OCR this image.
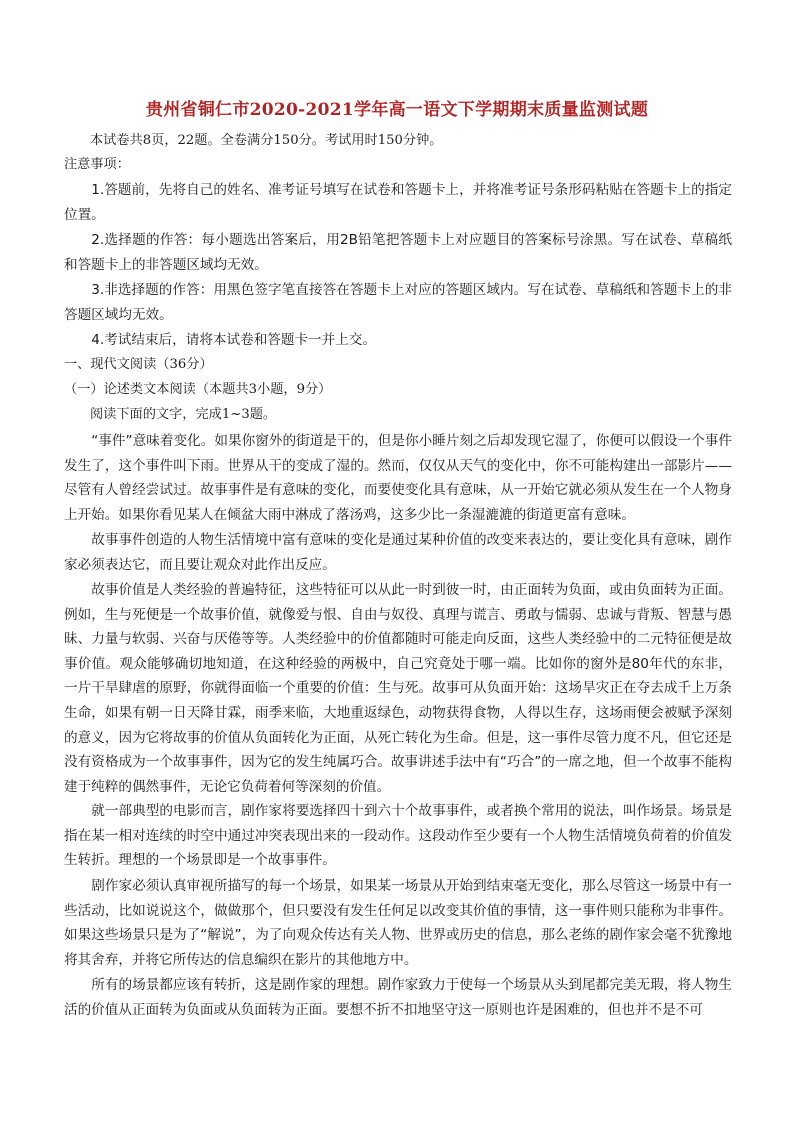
贵州省铜仁市2020-2021学年高一语文下学期期末质量监测试题
本试卷共8页，22题。全卷满分150分。考试用时150分钟。
注意事项：
1.答题前，先将自己的姓名、准考证号填写在试卷和答题卡上，并将准考证号条形码粘贴在答题卡上的指定位置。
2.选择题的作答：每小题选出答案后，用2B铅笔把答题卡上对应题目的答案标号涂黑。写在试卷、草稿纸和答题卡上的非答题区域均无效。
3.非选择题的作答：用黑色签字笔直接答在答题卡上对应的答题区域内。写在试卷、草稿纸和答题卡上的非答题区域均无效。
4.考试结束后，请将本试卷和答题卡一并上交。
一、现代文阅读（36分）
（一）论述类文本阅读（本题共3小题，9分）
阅读下面的文字，完成1~3题。
“事件”意味着变化。如果你窗外的街道是干的，但是你小睡片刻之后却发现它湿了，你便可以假设一个事件发生了，这个事件叫下雨。世界从干的变成了湿的。然而，仅仅从天气的变化中，你不可能构建出一部影片——尽管有人曾经尝试过。故事事件是有意味的变化，而要使变化具有意味，从一开始它就必须从发生在一个人物身上开始。如果你看见某人在倾盆大雨中淋成了落汤鸡，这多少比一条湿漉漉的街道更富有意味。
故事事件创造的人物生活情境中富有意味的变化是通过某种价值的改变来表达的，要让变化具有意味，剧作家必须表达它，而且要让观众对此作出反应。
故事价值是人类经验的普遍特征，这些特征可以从此一时到彼一时，由正面转为负面，或由负面转为正面。例如，生与死便是一个故事价值，就像爱与恨、自由与奴役、真理与谎言、勇敢与懦弱、忠诚与背叛、智慧与愚昧、力量与软弱、兴奋与厌倦等等。人类经验中的价值都随时可能走向反面，这些人类经验中的二元特征便是故事价值。观众能够确切地知道，在这种经验的两极中，自己究竟处于哪一端。比如你的窗外是80年代的东非，一片干旱肆虐的原野，你就得面临一个重要的价值：生与死。故事可从负面开始：这场旱灾正在夺去成千上万条生命，如果有朝一日天降甘霖，雨季来临，大地重返绿色，动物获得食物，人得以生存，这场雨便会被赋予深刻的意义，因为它将故事的价值从负面转化为正面，从死亡转化为生命。但是，这一事件尽管力度不凡，但它还是没有资格成为一个故事事件，因为它的发生纯属巧合。故事讲述手法中有“巧合”的一席之地，但一个故事不能构建于纯粹的偶然事件，无论它负荷着何等深刻的价值。
就一部典型的电影而言，剧作家将要选择四十到六十个故事事件，或者换个常用的说法，叫作场景。场景是指在某一相对连续的时空中通过冲突表现出来的一段动作。这段动作至少要有一个人物生活情境负荷着的价值发生转折。理想的一个场景即是一个故事事件。
剧作家必须认真审视所描写的每一个场景，如果某一场景从开始到结束毫无变化，那么尽管这一场景中有一些活动，比如说说这个，做做那个，但只要没有发生任何足以改变其价值的事情，这一事件则只能称为非事件。如果这些场景只是为了“解说”，为了向观众传达有关人物、世界或历史的信息，那么老练的剧作家会毫不犹豫地将其舍弃，并将它所传达的信息编织在影片的其他地方中。
所有的场景都应该有转折，这是剧作家的理想。剧作家致力于使每一个场景从头到尾都完美无瑕，将人物生活的价值从正面转为负面或从负面转为正面。要想不折不扣地坚守这一原则也许是困难的，但也并不是不可
